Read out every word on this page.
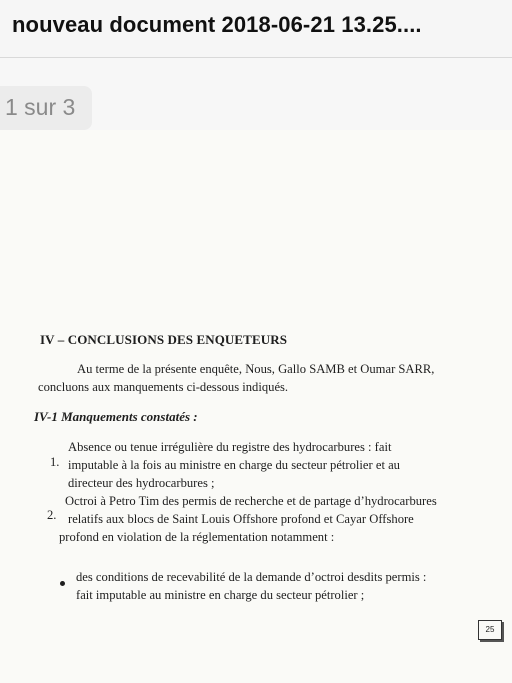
nouveau document 2018-06-21 13.25....
1 sur 3
IV – CONCLUSIONS DES ENQUETEURS
Au terme de la présente enquête, Nous, Gallo SAMB et Oumar SARR,
concluons aux manquements ci-dessous indiqués.
IV-1 Manquements constatés :
1.
Absence ou tenue irrégulière du registre des hydrocarbures : fait
imputable à la fois au ministre en charge du secteur pétrolier et au
directeur des hydrocarbures ;
2.
Octroi à Petro Tim des permis de recherche et de partage d’hydrocarbures
relatifs aux blocs de Saint Louis Offshore profond et Cayar Offshore
profond en violation de la réglementation notamment :
des conditions de recevabilité de la demande d’octroi desdits permis :
fait imputable au ministre en charge du secteur pétrolier ;
25
